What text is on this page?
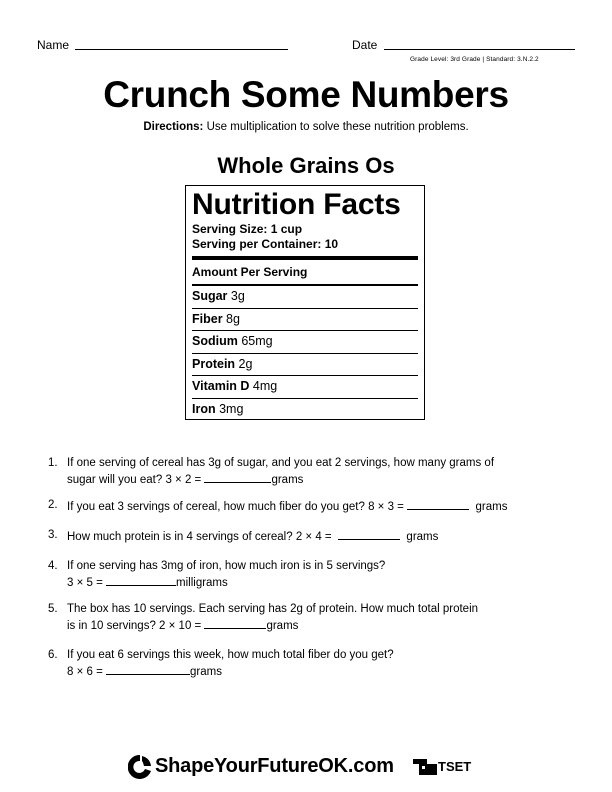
Name	Date
Grade Level: 3rd Grade | Standard: 3.N.2.2
Crunch Some Numbers
Directions: Use multiplication to solve these nutrition problems.
Whole Grains Os
Nutrition Facts
Serving Size: 1 cup
Serving per Container: 10
Amount Per Serving
Sugar 3g
Fiber 8g
Sodium 65mg
Protein 2g
Vitamin D 4mg
Iron 3mg
1. If one serving of cereal has 3g of sugar, and you eat 2 servings, how many grams of
sugar will you eat? 3 × 2 =	grams
2. If you eat 3 servings of cereal, how much fiber do you get? 8 × 3 =	grams
3. How much protein is in 4 servings of cereal? 2 × 4 =	grams
4. If one serving has 3mg of iron, how much iron is in 5 servings?
3 × 5 =	milligrams
5. The box has 10 servings. Each serving has 2g of protein. How much total protein
is in 10 servings? 2 × 10 =	grams
6. If you eat 6 servings this week, how much total fiber do you get?
8 × 6 =	grams
ShapeYourFutureOK.com	TSET
